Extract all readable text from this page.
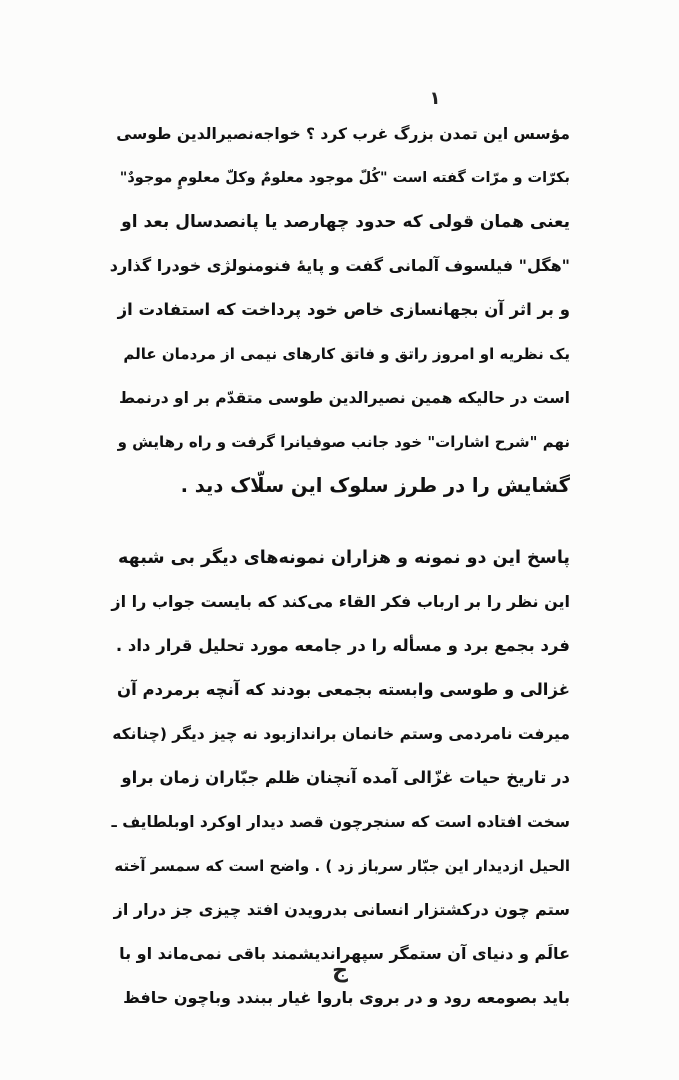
۱
مؤسس این تمدن بزرگ غرب کرد ؟ خواجه‌نصیرالدین طوسی
بکرّات و مرّات گفته است "کُلّ موجود معلومٌ وکلّ معلومٍ موجودٌ"
یعنی همان قولی که حدود چهارصد یا پانصدسال بعد او
"هگل" فیلسوف آلمانی گفت و پایهٔ فنومنولژی خودرا گذارد
و بر اثر آن بجهانسازی خاص خود پرداخت که استفادت از
یک نظریه او امروز راتق و فاتق کارهای نیمی از مردمان عالم
است در حالیکه همین نصیرالدین طوسی متقدّم بر او درنمط
نهم "شرح اشارات" خود جانب صوفیانرا گرفت و راه رهایش و
گشایش را در طرز سلوک این سلّاک دید .
پاسخ این دو نمونه و هزاران نمونه‌های دیگر بی شبهه
این نظر را بر ارباب فکر القاء می‌کند که بایست جواب را از
فرد بجمع برد و مسأله را در جامعه مورد تحلیل قرار داد .
غزالی و طوسی وابسته بجمعی بودند که آنچه برمردم آن
میرفت نامردمی وستم خانمان براندازبود نه چیز دیگر (چنانکه
در تاریخ حیات غزّالی آمده آنچنان ظلم جبّاران زمان براو
سخت افتاده است که سنجرچون قصد دیدار اوکرد اوبلطایف ـ
الحیل ازدیدار این جبّار سرباز زد ) . واضح است که سمسر آخته
ستم چون درکشتزار انسانی بدرویدن افتد چیزی جز درار از
عالَم و دنیای آن ستمگر سپهراندیشمند باقی نمی‌ماند او با
باید بصومعه رود و در بروی باروا غیار ببندد وباچون حافظ
ج
